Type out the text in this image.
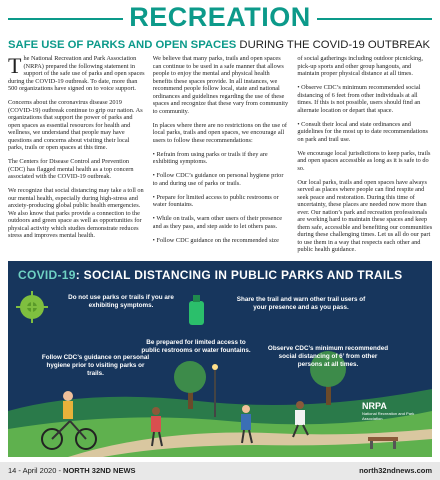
RECREATION
SAFE USE OF PARKS AND OPEN SPACES DURING THE COVID-19 OUTBREAK

The National Recreation and Park Association (NRPA) prepared the following statement in support of the safe use of parks and open spaces during the COVID-19 outbreak. To date, more than 500 organizations have signed on to voice support.

Concerns about the coronavirus disease 2019 (COVID-19) outbreak continue to grip our nation. As organizations that support the power of parks and open spaces as essential resources for health and wellness, we understand that people may have questions and concerns about visiting their local parks, trails or open spaces at this time.

The Centers for Disease Control and Prevention (CDC) has flagged mental health as a top concern associated with the COVID-19 outbreak.

We recognize that social distancing may take a toll on our mental health, especially during high-stress and anxiety-producing global public health emergencies. We also know that parks provide a connection to the outdoors and green space as well as opportunities for physical activity which studies demonstrate reduces stress and improves mental health.

We believe that many parks, trails and open spaces can continue to be used in a safe manner that allows people to enjoy the mental and physical health benefits these spaces provide. In all instances, we recommend people follow local, state and national ordinances and guidelines regarding the use of these spaces and recognize that these vary from community to community.

In places where there are no restrictions on the use of local parks, trails and open spaces, we encourage all users to follow these recommendations:

• Refrain from using parks or trails if they are exhibiting symptoms.

• Follow CDC’s guidance on personal hygiene prior to and during use of parks or trails.

• Prepare for limited access to public restrooms or water fountains.

• While on trails, warn other users of their presence and as they pass, and step aside to let others pass.

• Follow CDC guidance on the recommended size

of social gatherings including outdoor picnicking, pick-up sports and other group hangouts, and maintain proper physical distance at all times.

• Observe CDC’s minimum recommended social distancing of 6 feet from other individuals at all times. If this is not possible, users should find an alternate location or depart that space.

• Consult their local and state ordinances and guidelines for the most up to date recommendations on park and trail use.

We encourage local jurisdictions to keep parks, trails and open spaces accessible as long as it is safe to do so.

Our local parks, trails and open spaces have always served as places where people can find respite and seek peace and restoration. During this time of uncertainty, these places are needed now more than ever. Our nation’s park and recreation professionals are working hard to maintain these spaces and keep them safe, accessible and benefiting our communities during these challenging times. Let us all do our part to use them in a way that respects each other and public health guidance.

COVID-19: SOCIAL DISTANCING IN PUBLIC PARKS AND TRAILS
Do not use parks or trails if you are exhibiting symptoms.
Share the trail and warn other trail users of your presence and as you pass.
Be prepared for limited access to public restrooms or water fountains.
Follow CDC’s guidance on personal hygiene prior to visiting parks or trails.
Observe CDC’s minimum recommended social distancing of 6’ from other persons at all times.
NRPA
National Recreation and Park Association
14 - April 2020 - NORTH 32ND NEWS	north32ndnews.com
